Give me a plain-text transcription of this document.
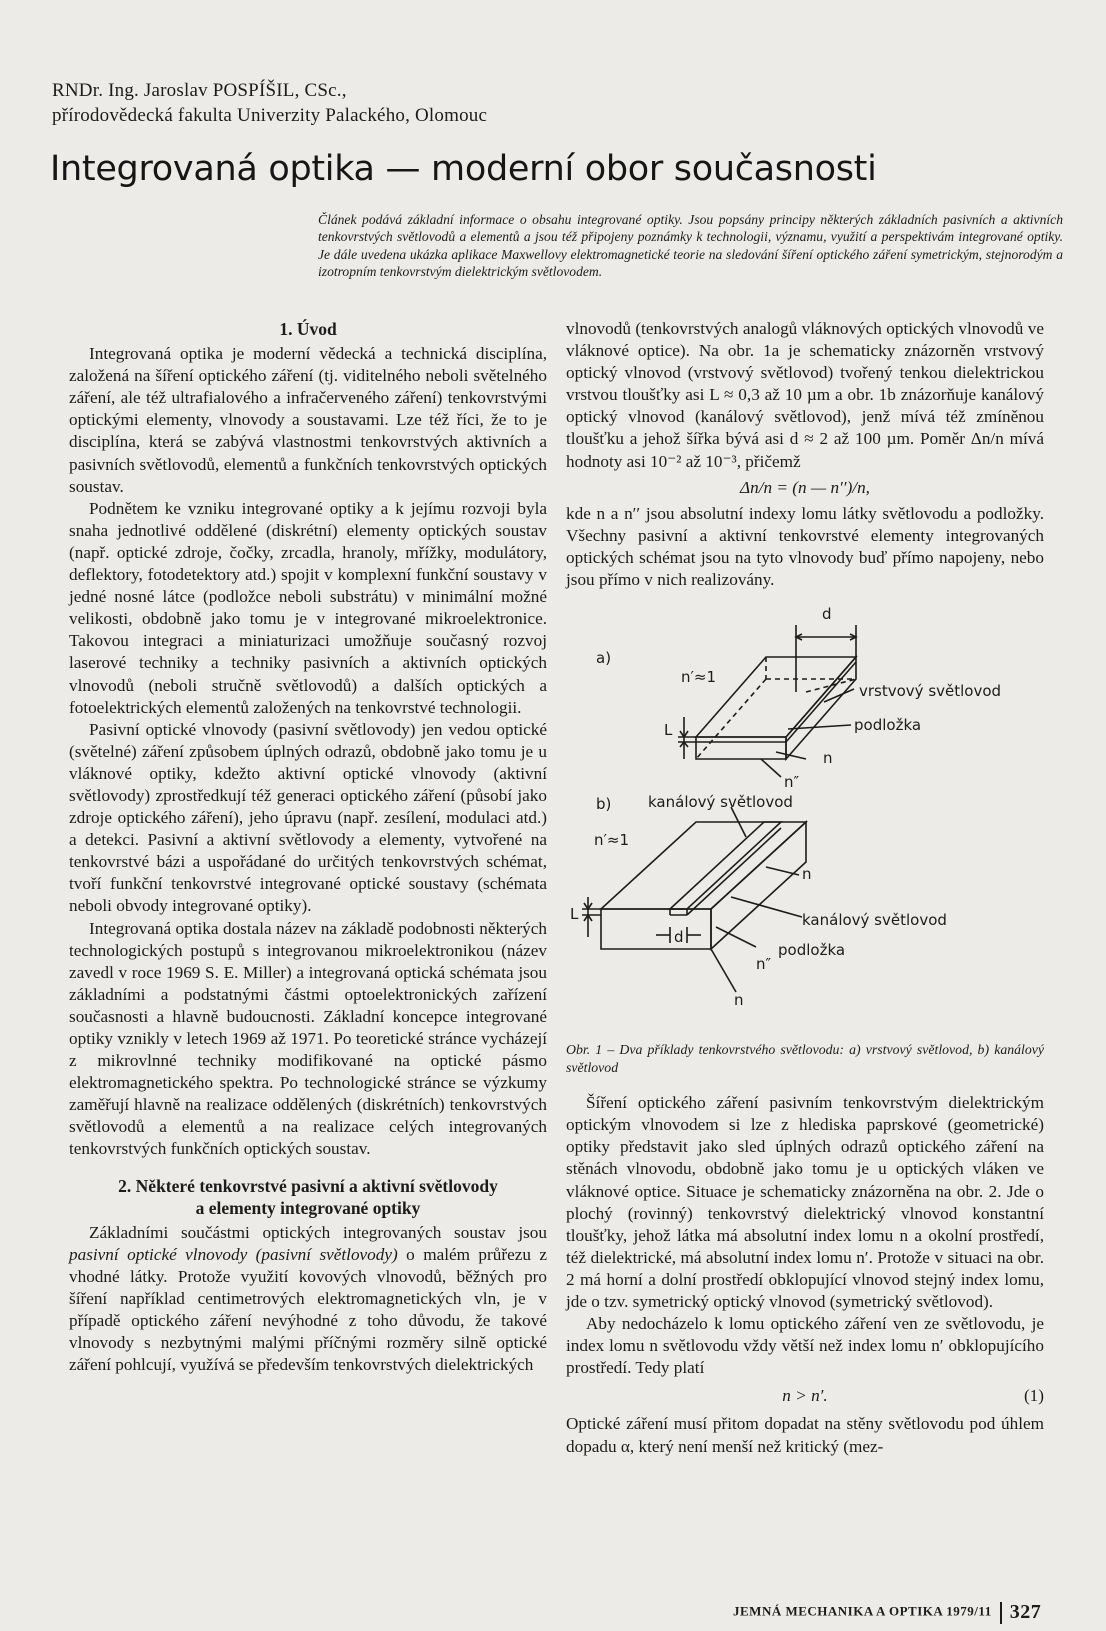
RNDr. Ing. Jaroslav POSPÍŠIL, CSc.,
přírodovědecká fakulta Univerzity Palackého, Olomouc
Integrovaná optika — moderní obor současnosti
Článek podává základní informace o obsahu integrované optiky. Jsou popsány principy některých základních pasivních a aktivních tenkovrstvých světlovodů a elementů a jsou též připojeny poznámky k technologii, významu, využití a perspektivám integrované optiky. Je dále uvedena ukázka aplikace Maxwellovy elektromagnetické teorie na sledování šíření optického záření symetrickým, stejnorodým a izotropním tenkovrstvým dielektrickým světlovodem.
1. Úvod

Integrovaná optika je moderní vědecká a technická disciplína, založená na šíření optického záření (tj. viditelného neboli světelného záření, ale též ultrafialového a infračerveného záření) tenkovrstvými optickými elementy, vlnovody a soustavami. Lze též říci, že to je disciplína, která se zabývá vlastnostmi tenkovrstvých aktivních a pasivních světlovodů, elementů a funkčních tenkovrstvých optických soustav.

Podnětem ke vzniku integrované optiky a k jejímu rozvoji byla snaha jednotlivé oddělené (diskrétní) elementy optických soustav (např. optické zdroje, čočky, zrcadla, hranoly, mřížky, modulátory, deflektory, fotodetektory atd.) spojit v komplexní funkční soustavy v jedné nosné látce (podložce neboli substrátu) v minimální možné velikosti, obdobně jako tomu je v integrované mikroelektronice. Takovou integraci a miniaturizaci umožňuje současný rozvoj laserové techniky a techniky pasivních a aktivních optických vlnovodů (neboli stručně světlovodů) a dalších optických a fotoelektrických elementů založených na tenkovrstvé technologii.

Pasivní optické vlnovody (pasivní světlovody) jen vedou optické (světelné) záření způsobem úplných odrazů, obdobně jako tomu je u vláknové optiky, kdežto aktivní optické vlnovody (aktivní světlovody) zprostředkují též generaci optického záření (působí jako zdroje optického záření), jeho úpravu (např. zesílení, modulaci atd.) a detekci. Pasivní a aktivní světlovody a elementy, vytvořené na tenkovrstvé bázi a uspořádané do určitých tenkovrstvých schémat, tvoří funkční tenkovrstvé integrované optické soustavy (schémata neboli obvody integrované optiky).

Integrovaná optika dostala název na základě podobnosti některých technologických postupů s integrovanou mikroelektronikou (název zavedl v roce 1969 S. E. Miller) a integrovaná optická schémata jsou základními a podstatnými částmi optoelektronických zařízení současnosti a hlavně budoucnosti. Základní koncepce integrované optiky vznikly v letech 1969 až 1971. Po teoretické stránce vycházejí z mikrovlnné techniky modifikované na optické pásmo elektromagnetického spektra. Po technologické stránce se výzkumy zaměřují hlavně na realizace oddělených (diskrétních) tenkovrstvých světlovodů a elementů a na realizace celých integrovaných tenkovrstvých funkčních optických soustav.

2. Některé tenkovrstvé pasivní a aktivní světlovody
a elementy integrované optiky

Základními součástmi optických integrovaných soustav jsou pasivní optické vlnovody (pasivní světlovody) o malém průřezu z vhodné látky. Protože využití kovových vlnovodů, běžných pro šíření například centimetrových elektromagnetických vln, je v případě optického záření nevýhodné z toho důvodu, že takové vlnovody s nezbytnými malými příčnými rozměry silně optické záření pohlcují, využívá se především tenkovrstvých dielektrických

vlnovodů (tenkovrstvých analogů vláknových optických vlnovodů ve vláknové optice). Na obr. 1a je schematicky znázorněn vrstvový optický vlnovod (vrstvový světlovod) tvořený tenkou dielektrickou vrstvou tloušťky asi L ≈ 0,3 až 10 µm a obr. 1b znázorňuje kanálový optický vlnovod (kanálový světlovod), jenž mívá též zmíněnou tloušťku a jehož šířka bývá asi d ≈ 2 až 100 µm. Poměr Δn/n mívá hodnoty asi 10⁻² až 10⁻³, přičemž

Δn/n = (n — n′′)/n,

kde n a n′′ jsou absolutní indexy lomu látky světlovodu a podložky. Všechny pasivní a aktivní tenkovrstvé elementy integrovaných optických schémat jsou na tyto vlnovody buď přímo napojeny, nebo jsou přímo v nich realizovány.

a)
d
n′≈1
L
vrstvový světlovod
podložka
n
n″
b) kanálový světlovod
n′≈1
L
d
n
kanálový světlovod
podložka
n″
n
Obr. 1 – Dva příklady tenkovrstvého světlovodu: a) vrstvový světlovod, b) kanálový světlovod

Šíření optického záření pasivním tenkovrstvým dielektrickým optickým vlnovodem si lze z hlediska paprskové (geometrické) optiky představit jako sled úplných odrazů optického záření na stěnách vlnovodu, obdobně jako tomu je u optických vláken ve vláknové optice. Situace je schematicky znázorněna na obr. 2. Jde o plochý (rovinný) tenkovrstvý dielektrický vlnovod konstantní tloušťky, jehož látka má absolutní index lomu n a okolní prostředí, též dielektrické, má absolutní index lomu n′. Protože v situaci na obr. 2 má horní a dolní prostředí obklopující vlnovod stejný index lomu, jde o tzv. symetrický optický vlnovod (symetrický světlovod).

Aby nedocházelo k lomu optického záření ven ze světlovodu, je index lomu n světlovodu vždy větší než index lomu n′ obklopujícího prostředí. Tedy platí

n > n′.	(1)

Optické záření musí přitom dopadat na stěny světlovodu pod úhlem dopadu α, který není menší než kritický (mez-

JEMNÁ MECHANIKA A OPTIKA 1979/11 327
